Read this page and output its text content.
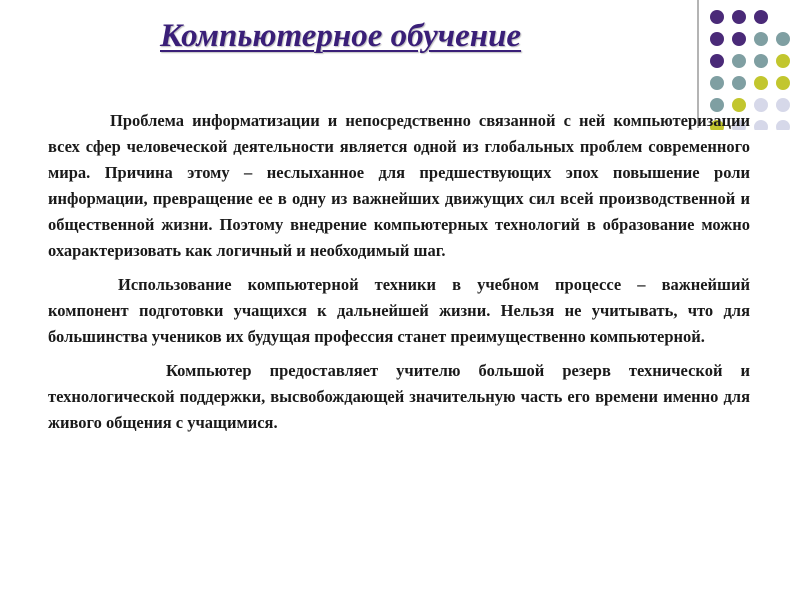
Компьютерное обучение

Проблема информатизации и непосредственно связанной с ней компьютеризации всех сфер человеческой деятельности является одной из глобальных проблем современного мира. Причина этому – неслыханное для предшествующих эпох повышение роли информации, превращение ее в одну из важнейших движущих сил всей производственной и общественной жизни. Поэтому внедрение компьютерных технологий в образование можно охарактеризовать как логичный и необходимый шаг.

Использование компьютерной техники в учебном процессе – важнейший компонент подготовки учащихся к дальнейшей жизни. Нельзя не учитывать, что для большинства учеников их будущая профессия станет преимущественно компьютерной.

Компьютер предоставляет учителю большой резерв технической и технологической поддержки, высвобождающей значительную часть его времени именно для живого общения с учащимися.
